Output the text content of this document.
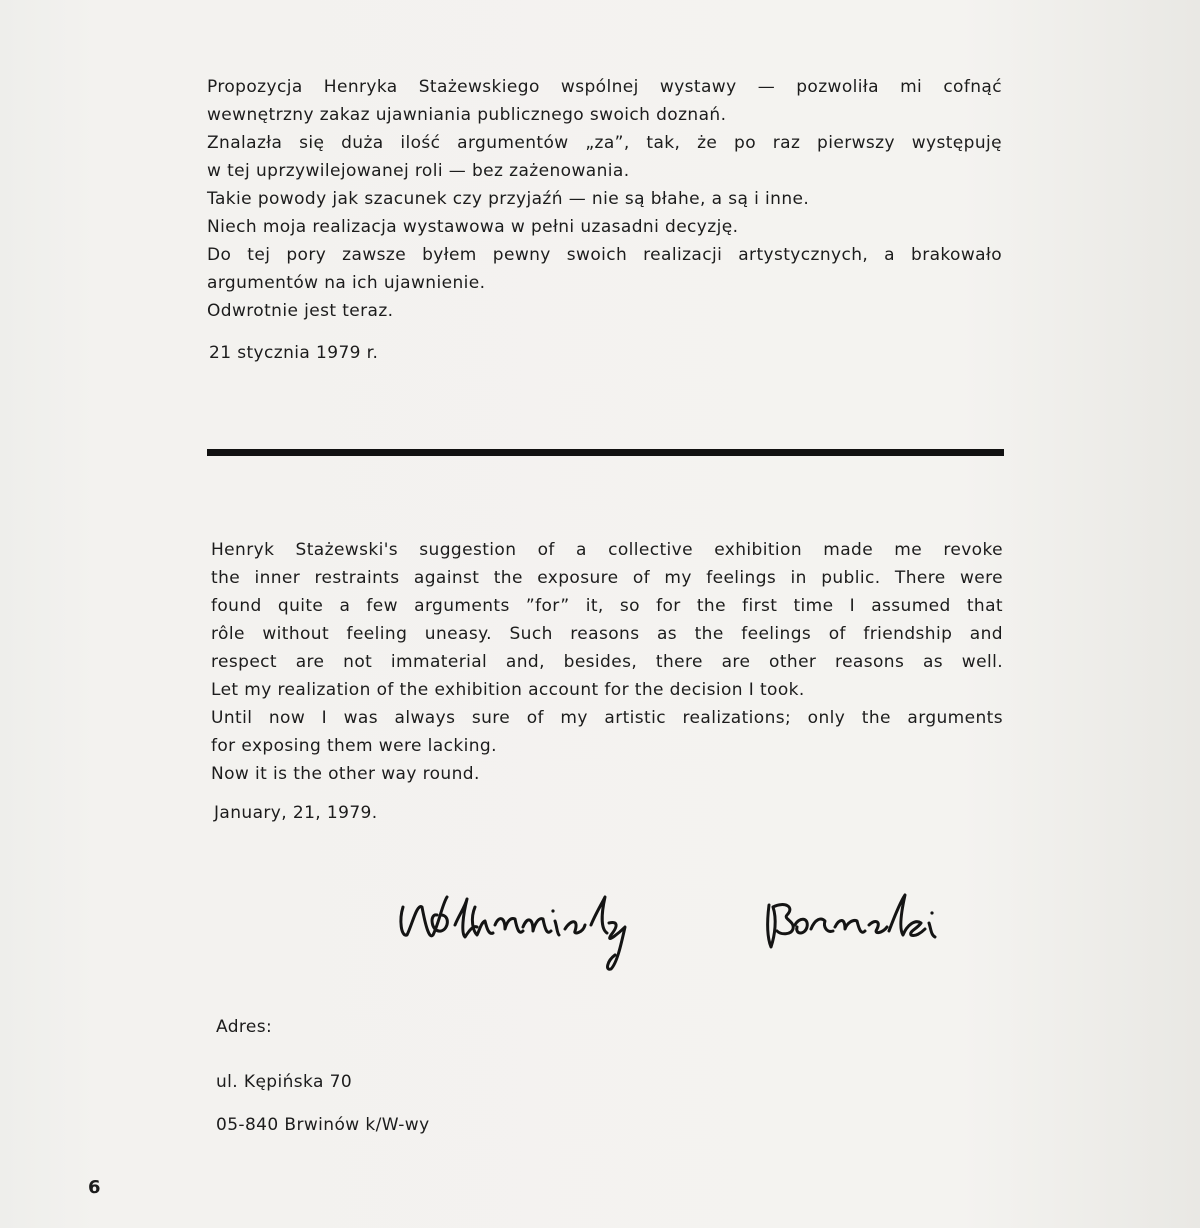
Propozycja Henryka Stażewskiego wspólnej wystawy — pozwoliła mi cofnąć
wewnętrzny zakaz ujawniania publicznego swoich doznań.
Znalazła się duża ilość argumentów „za”, tak, że po raz pierwszy występuję
w tej uprzywilejowanej roli — bez zażenowania.
Takie powody jak szacunek czy przyjaźń — nie są błahe, a są i inne.
Niech moja realizacja wystawowa w pełni uzasadni decyzję.
Do tej pory zawsze byłem pewny swoich realizacji artystycznych, a brakowało
argumentów na ich ujawnienie.
Odwrotnie jest teraz.
21 stycznia 1979 r.
Henryk Stażewski's suggestion of a collective exhibition made me revoke
the inner restraints against the exposure of my feelings in public. There were
found quite a few arguments ”for” it, so for the first time I assumed that
rôle without feeling uneasy. Such reasons as the feelings of friendship and
respect are not immaterial and, besides, there are other reasons as well.
Let my realization of the exhibition account for the decision I took.
Until now I was always sure of my artistic realizations; only the arguments
for exposing them were lacking.
Now it is the other way round.
January, 21, 1979.
Adres:
ul. Kępińska 70
05-840 Brwinów k/W-wy
6
